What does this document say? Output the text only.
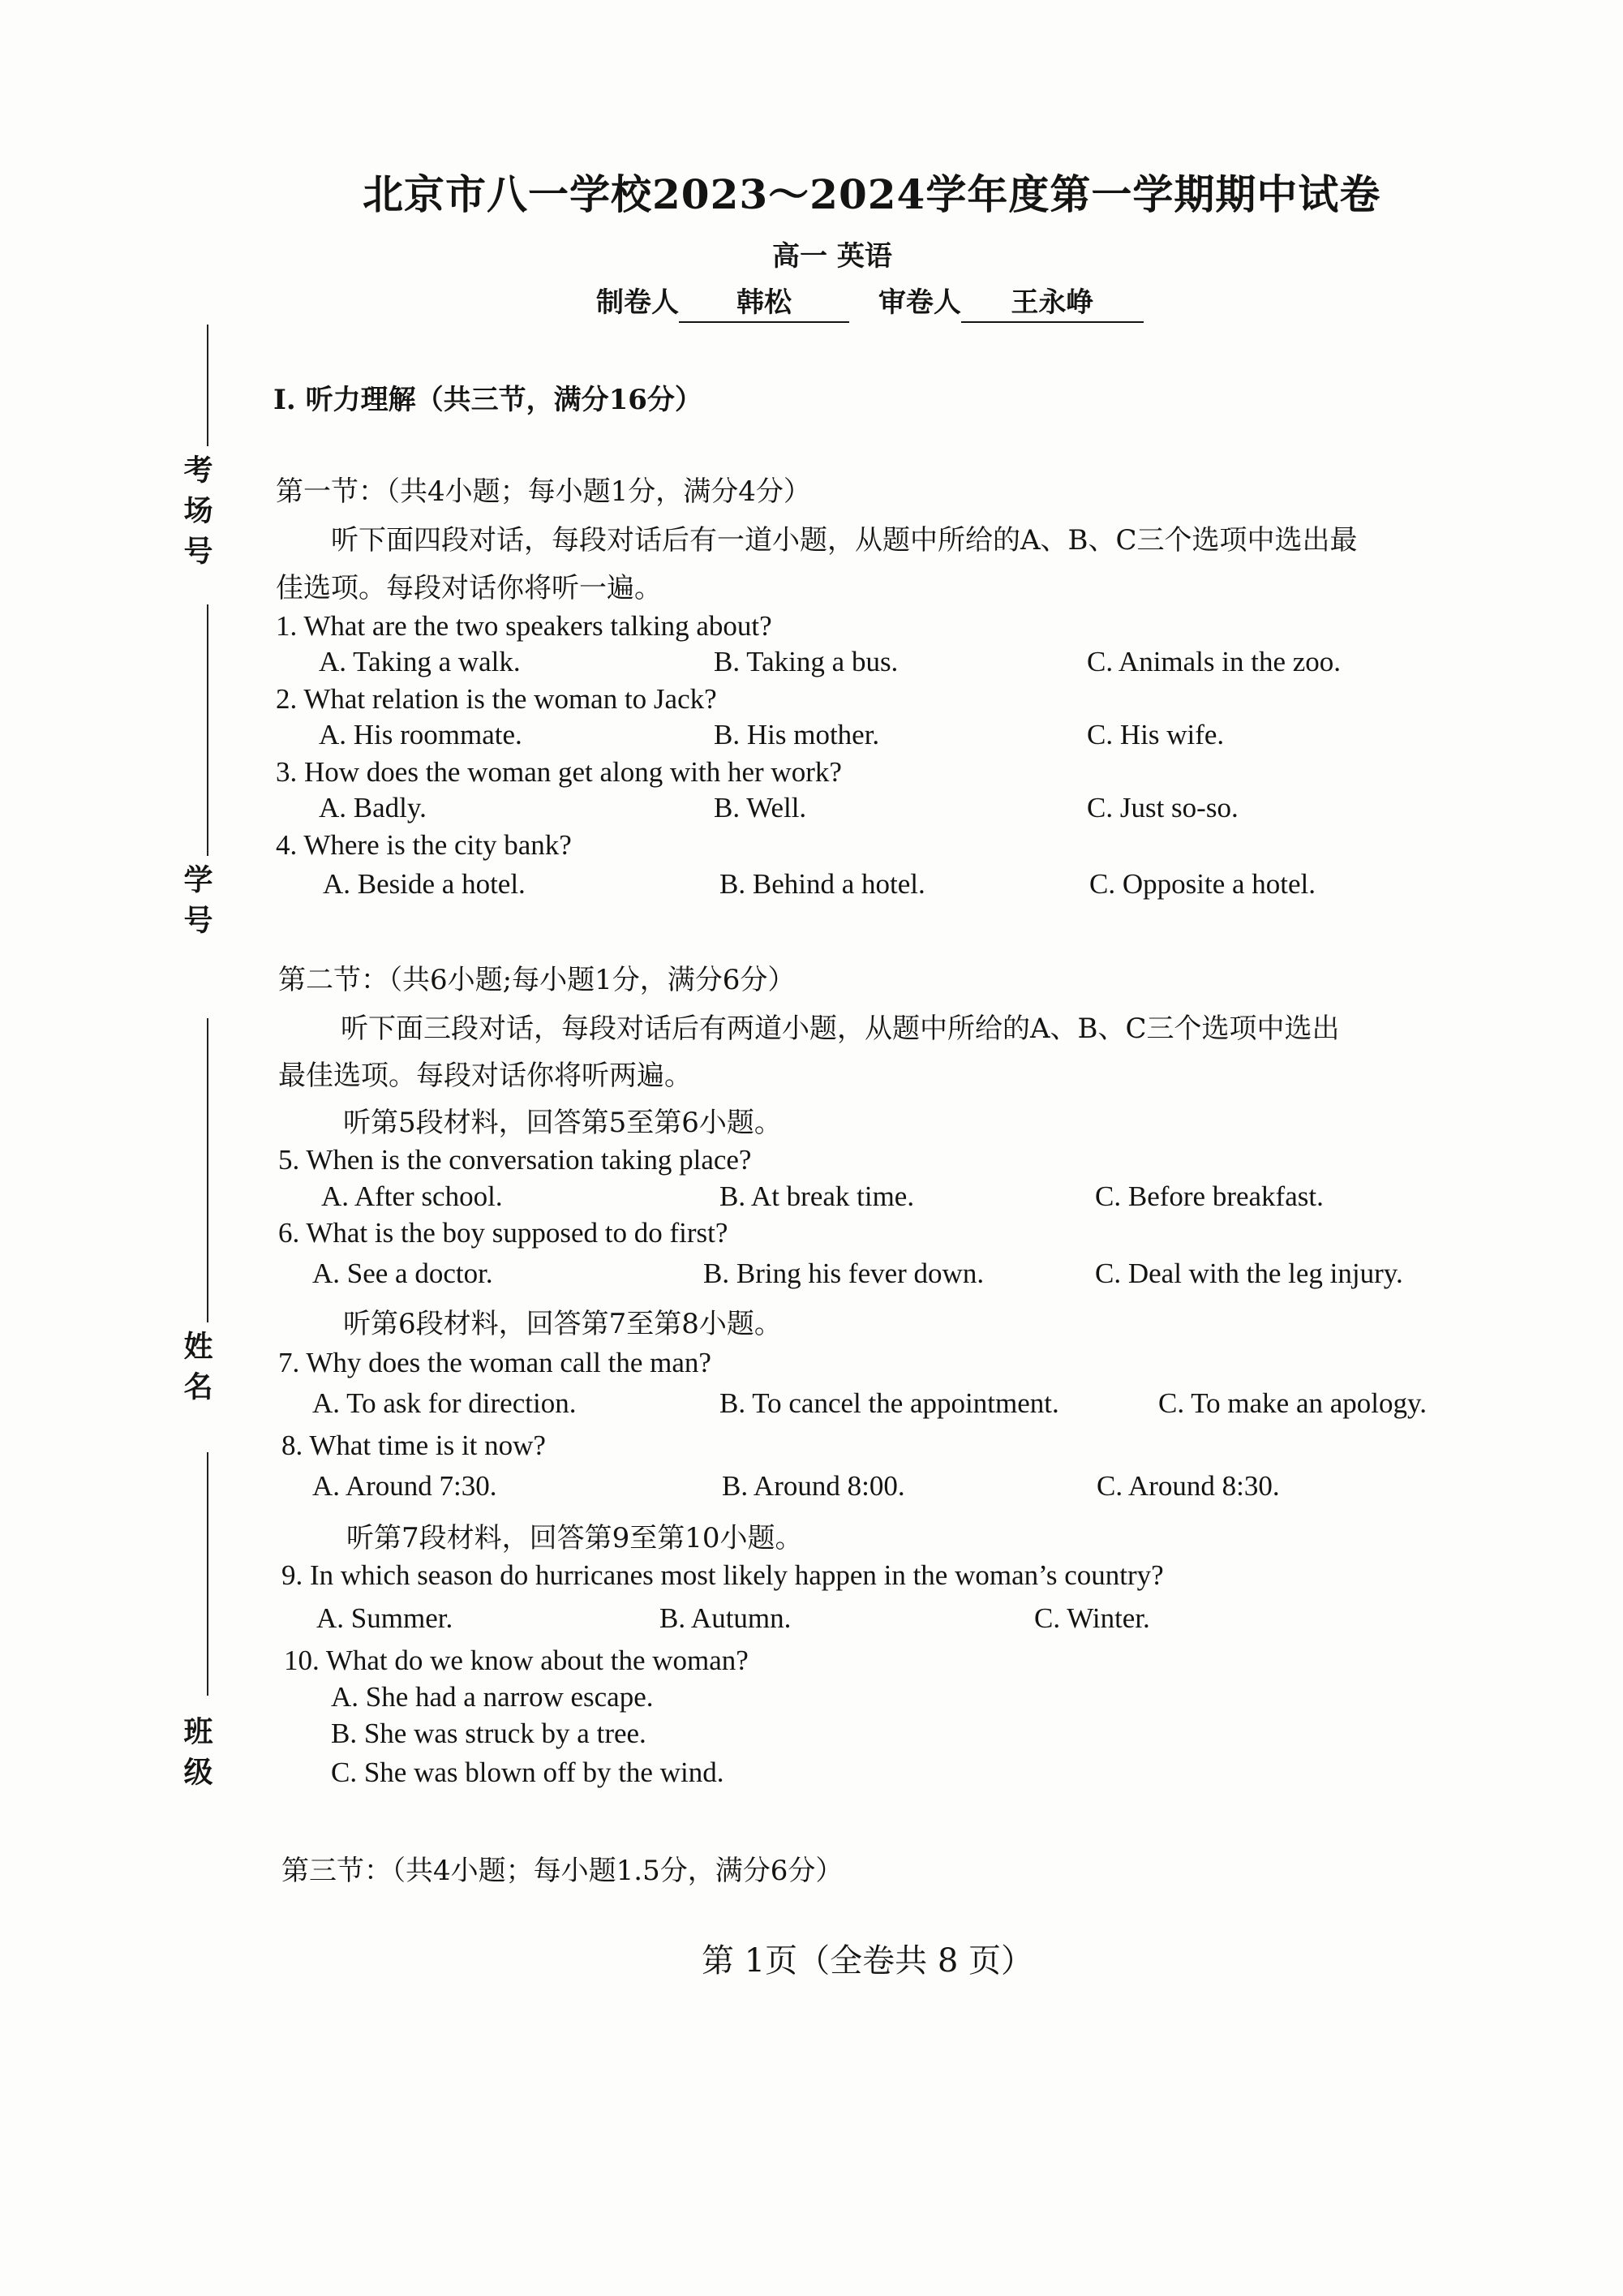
北京市八一学校2023～2024学年度第一学期期中试卷
高一 英语
制卷人 韩松	审卷人 王永峥
考场号
学号
姓名
班级
I. 听力理解（共三节，满分16分）
第一节：（共4小题；每小题1分，满分4分）
听下面四段对话，每段对话后有一道小题，从题中所给的A、B、C三个选项中选出最
佳选项。每段对话你将听一遍。
1. What are the two speakers talking about?
A. Taking a walk.	B. Taking a bus.	C. Animals in the zoo.
2. What relation is the woman to Jack?
A. His roommate.	B. His mother.	C. His wife.
3. How does the woman get along with her work?
A. Badly.	B. Well.	C. Just so-so.
4. Where is the city bank?
A. Beside a hotel.	B. Behind a hotel.	C. Opposite a hotel.
第二节：（共6小题;每小题1分，满分6分）
听下面三段对话，每段对话后有两道小题，从题中所给的A、B、C三个选项中选出
最佳选项。每段对话你将听两遍。
听第5段材料，回答第5至第6小题。
5. When is the conversation taking place?
A. After school.	B. At break time.	C. Before breakfast.
6. What is the boy supposed to do first?
A. See a doctor.	B. Bring his fever down.	C. Deal with the leg injury.
听第6段材料，回答第7至第8小题。
7. Why does the woman call the man?
A. To ask for direction.	B. To cancel the appointment.	C. To make an apology.
8. What time is it now?
A. Around 7:30.	B. Around 8:00.	C. Around 8:30.
听第7段材料，回答第9至第10小题。
9. In which season do hurricanes most likely happen in the woman’s country?
A. Summer.	B. Autumn.	C. Winter.
10. What do we know about the woman?
A. She had a narrow escape.
B. She was struck by a tree.
C. She was blown off by the wind.
第三节：（共4小题；每小题1.5分，满分6分）
第 1页（全卷共 8 页）
